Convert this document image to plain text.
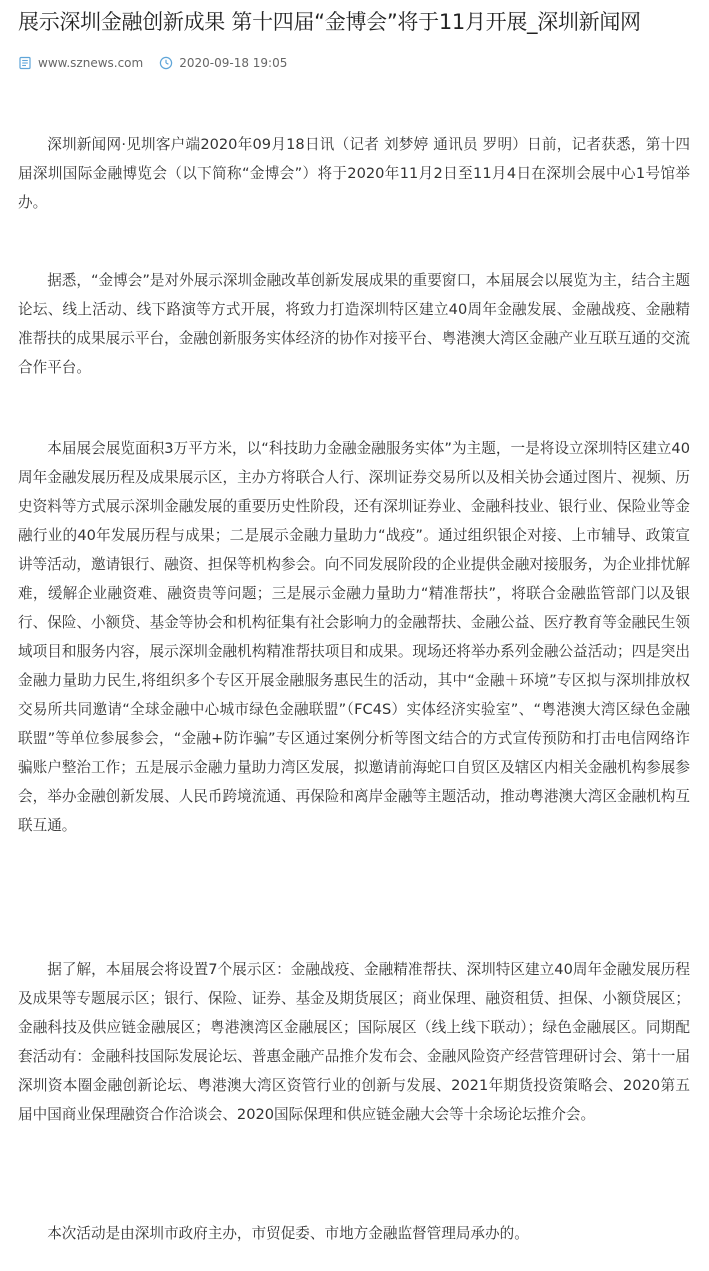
展示深圳金融创新成果 第十四届“金博会”将于11月开展_深圳新闻网
www.sznews.com	2020-09-18 19:05

深圳新闻网·见圳客户端2020年09月18日讯（记者 刘梦婷 通讯员 罗明）日前，记者获悉，第十四届深圳国际金融博览会（以下简称“金博会”）将于2020年11月2日至11月4日在深圳会展中心1号馆举办。

据悉，“金博会”是对外展示深圳金融改革创新发展成果的重要窗口，本届展会以展览为主，结合主题论坛、线上活动、线下路演等方式开展，将致力打造深圳特区建立40周年金融发展、金融战疫、金融精准帮扶的成果展示平台，金融创新服务实体经济的协作对接平台、粤港澳大湾区金融产业互联互通的交流合作平台。

本届展会展览面积3万平方米，以“科技助力金融金融服务实体”为主题，一是将设立深圳特区建立40周年金融发展历程及成果展示区，主办方将联合人行、深圳证券交易所以及相关协会通过图片、视频、历史资料等方式展示深圳金融发展的重要历史性阶段，还有深圳证券业、金融科技业、银行业、保险业等金融行业的40年发展历程与成果；二是展示金融力量助力“战疫”。通过组织银企对接、上市辅导、政策宣讲等活动，邀请银行、融资、担保等机构参会。向不同发展阶段的企业提供金融对接服务，为企业排忧解难，缓解企业融资难、融资贵等问题；三是展示金融力量助力“精准帮扶”，将联合金融监管部门以及银行、保险、小额贷、基金等协会和机构征集有社会影响力的金融帮扶、金融公益、医疗教育等金融民生领域项目和服务内容，展示深圳金融机构精准帮扶项目和成果。现场还将举办系列金融公益活动；四是突出金融力量助力民生,将组织多个专区开展金融服务惠民生的活动，其中“金融＋环境”专区拟与深圳排放权交易所共同邀请“全球金融中心城市绿色金融联盟”（FC4S）实体经济实验室”、“粤港澳大湾区绿色金融联盟”等单位参展参会，“金融+防诈骗”专区通过案例分析等图文结合的方式宣传预防和打击电信网络诈骗账户整治工作；五是展示金融力量助力湾区发展，拟邀请前海蛇口自贸区及辖区内相关金融机构参展参会，举办金融创新发展、人民币跨境流通、再保险和离岸金融等主题活动，推动粤港澳大湾区金融机构互联互通。

据了解，本届展会将设置7个展示区：金融战疫、金融精准帮扶、深圳特区建立40周年金融发展历程及成果等专题展示区；银行、保险、证券、基金及期货展区；商业保理、融资租赁、担保、小额贷展区；金融科技及供应链金融展区；粤港澳湾区金融展区；国际展区（线上线下联动）；绿色金融展区。同期配套活动有：金融科技国际发展论坛、普惠金融产品推介发布会、金融风险资产经营管理研讨会、第十一届深圳资本圈金融创新论坛、粤港澳大湾区资管行业的创新与发展、2021年期货投资策略会、2020第五届中国商业保理融资合作洽谈会、2020国际保理和供应链金融大会等十余场论坛推介会。

本次活动是由深圳市政府主办，市贸促委、市地方金融监督管理局承办的。
